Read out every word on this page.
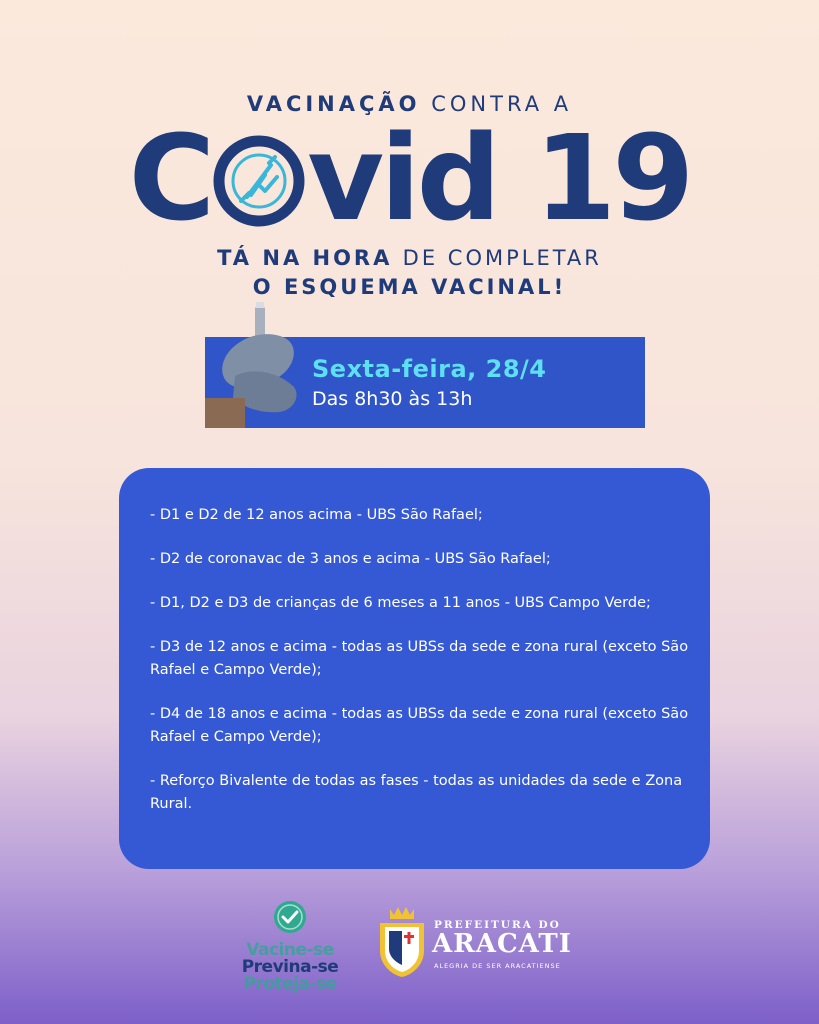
VACINAÇÃO CONTRA A
C vid 19
TÁ NA HORA DE COMPLETAR
O ESQUEMA VACINAL!
Sexta-feira, 28/4
Das 8h30 às 13h
- D1 e D2 de 12 anos acima - UBS São Rafael;
- D2 de coronavac de 3 anos e acima - UBS São Rafael;
- D1, D2 e D3 de crianças de 6 meses a 11 anos - UBS Campo Verde;
- D3 de 12 anos e acima - todas as UBSs da sede e zona rural (exceto São Rafael e Campo Verde);
- D4 de 18 anos e acima - todas as UBSs da sede e zona rural (exceto São Rafael e Campo Verde);
- Reforço Bivalente de todas as fases - todas as unidades da sede e Zona Rural.
Vacine-se
Previna-se
Proteja-se
PREFEITURA DO
ARACATI
ALEGRIA DE SER ARACATIENSE
